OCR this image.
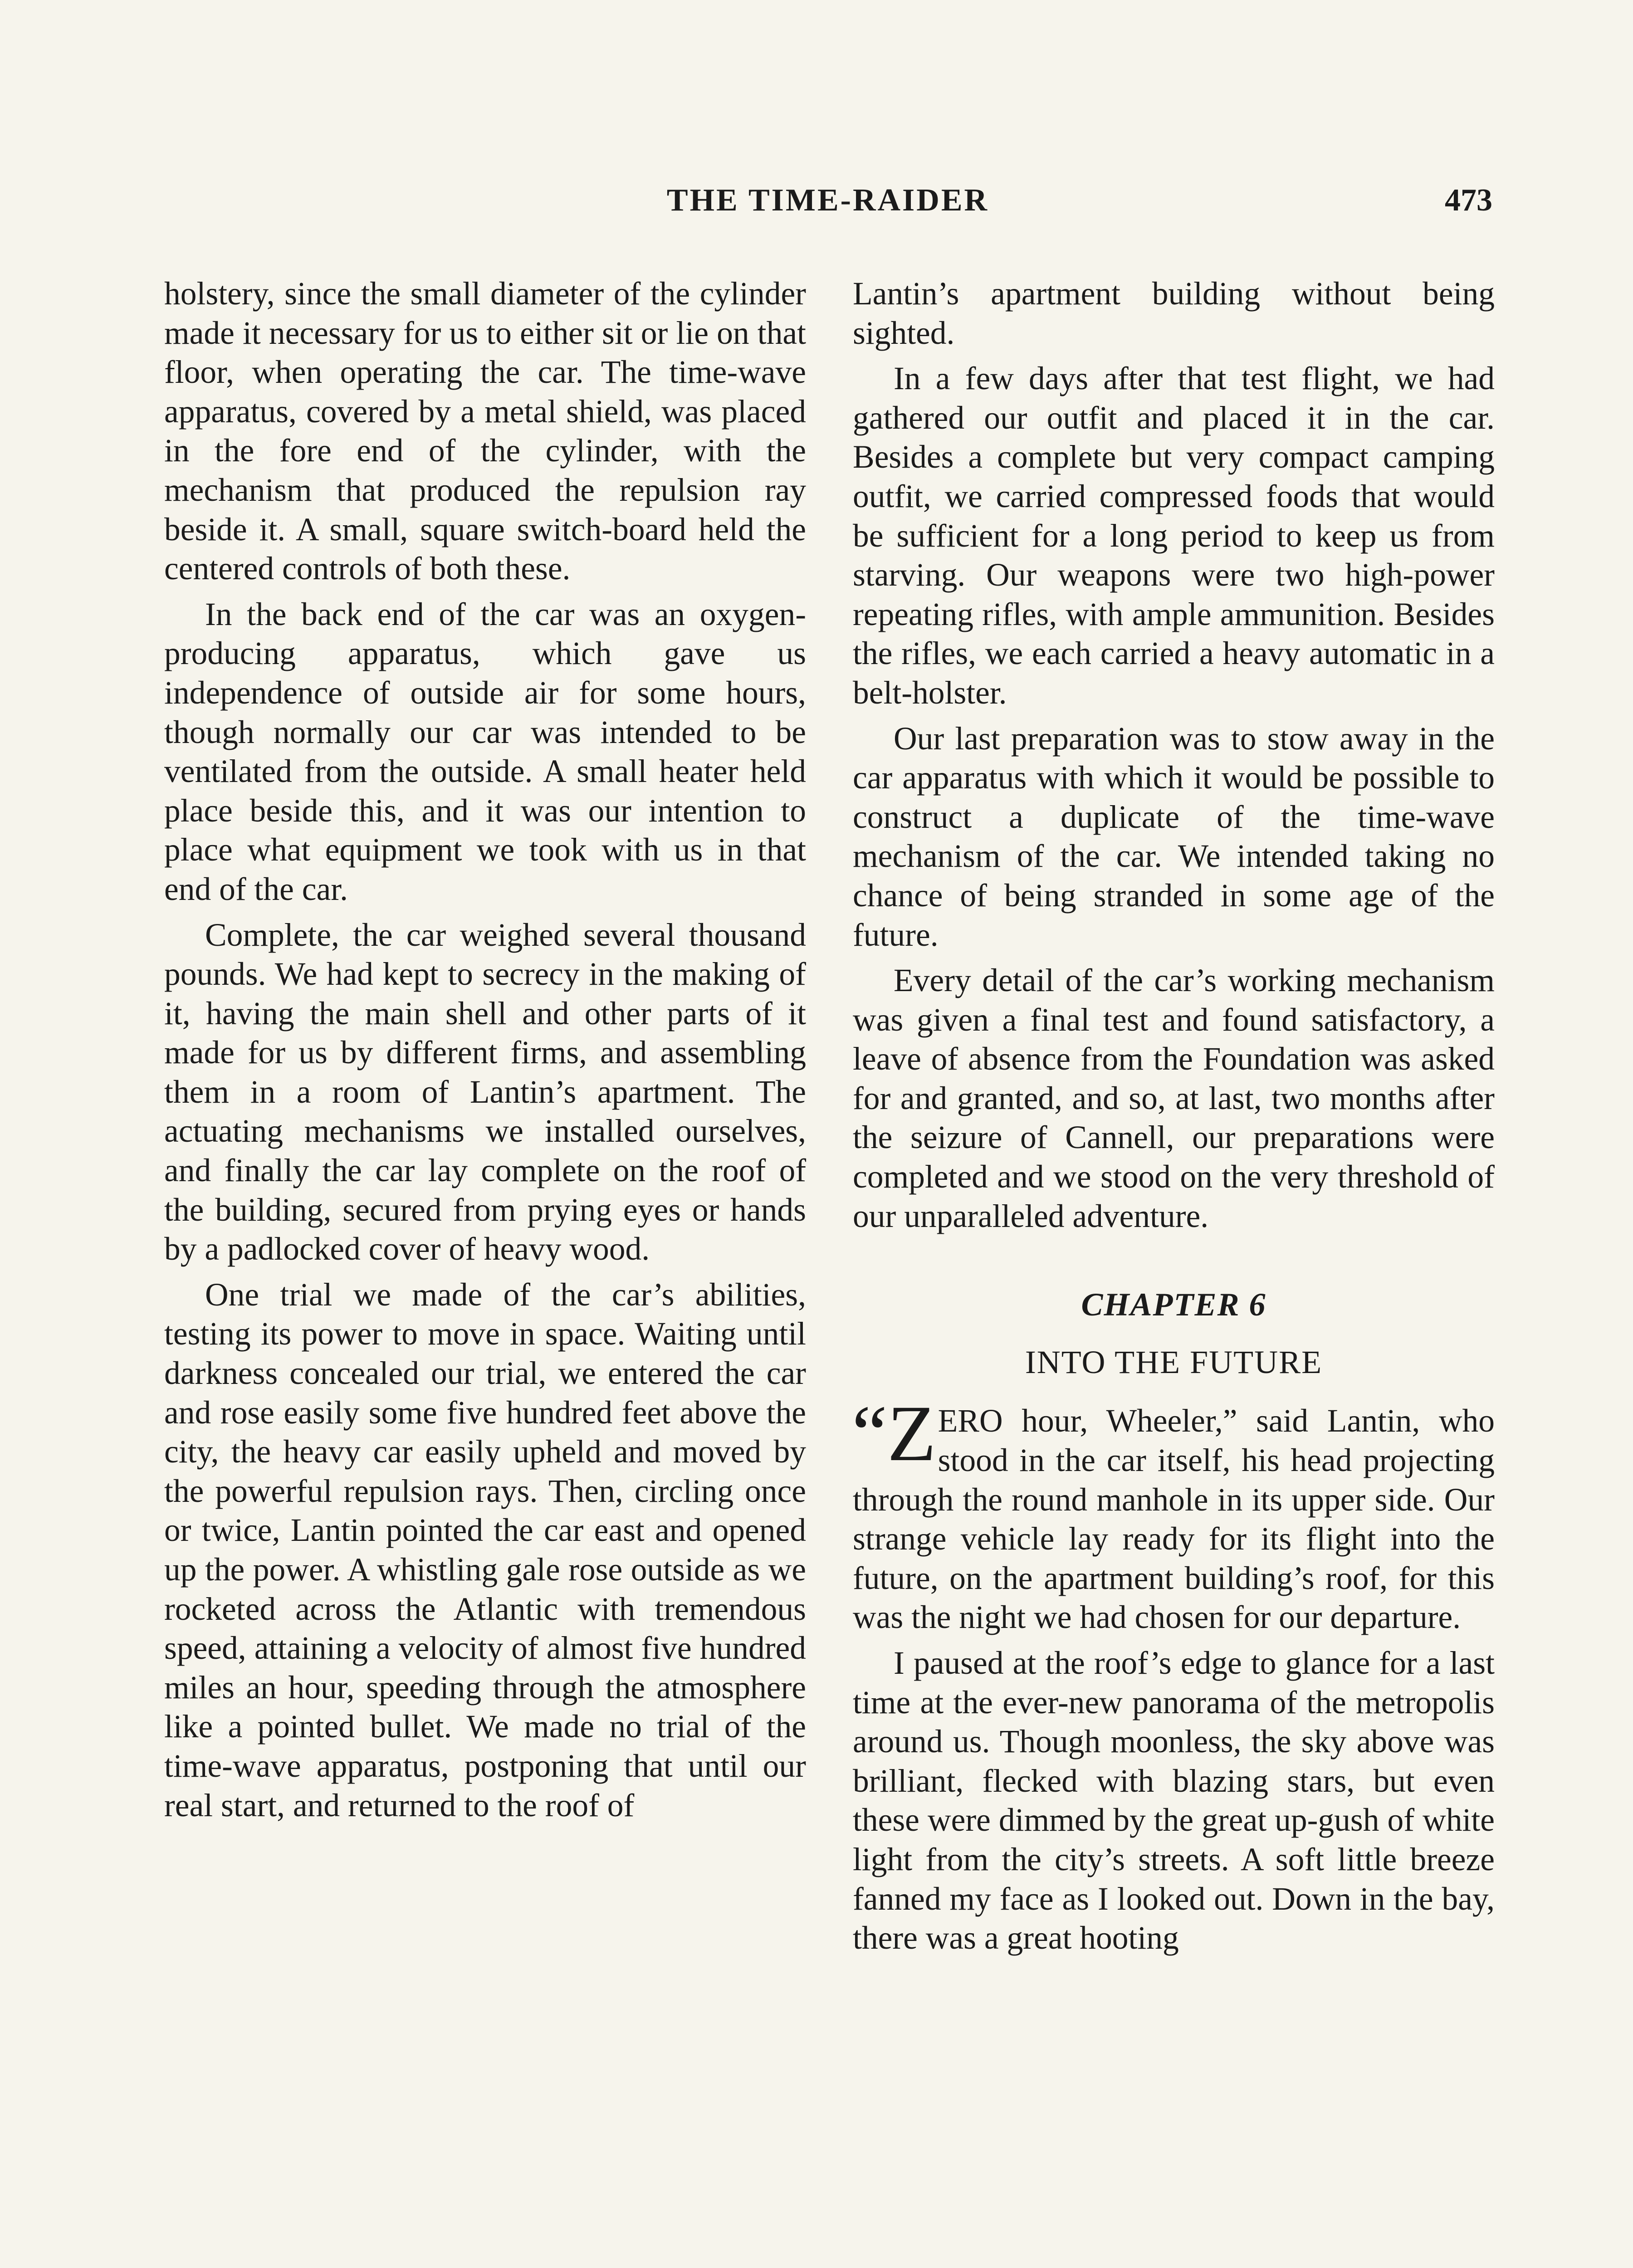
THE TIME-RAIDER	473

holstery, since the small diameter of the cylinder made it necessary for us to either sit or lie on that floor, when operating the car. The time-wave apparatus, covered by a metal shield, was placed in the fore end of the cylinder, with the mechanism that produced the repulsion ray beside it. A small, square switch-board held the centered controls of both these.

In the back end of the car was an oxygen-producing apparatus, which gave us independence of outside air for some hours, though normally our car was intended to be ventilated from the outside. A small heater held place beside this, and it was our intention to place what equipment we took with us in that end of the car.

Complete, the car weighed several thousand pounds. We had kept to secrecy in the making of it, having the main shell and other parts of it made for us by different firms, and assembling them in a room of Lantin’s apartment. The actuating mechanisms we installed ourselves, and finally the car lay complete on the roof of the building, secured from prying eyes or hands by a padlocked cover of heavy wood.

One trial we made of the car’s abilities, testing its power to move in space. Waiting until darkness concealed our trial, we entered the car and rose easily some five hundred feet above the city, the heavy car easily upheld and moved by the powerful repulsion rays. Then, circling once or twice, Lantin pointed the car east and opened up the power. A whistling gale rose outside as we rocketed across the Atlantic with tremendous speed, attaining a velocity of almost five hundred miles an hour, speeding through the atmosphere like a pointed bullet. We made no trial of the time-wave apparatus, postponing that until our real start, and returned to the roof of

Lantin’s apartment building without being sighted.

In a few days after that test flight, we had gathered our outfit and placed it in the car. Besides a complete but very compact camping outfit, we carried compressed foods that would be sufficient for a long period to keep us from starving. Our weapons were two high-power repeating rifles, with ample ammunition. Besides the rifles, we each carried a heavy automatic in a belt-holster.

Our last preparation was to stow away in the car apparatus with which it would be possible to construct a duplicate of the time-wave mechanism of the car. We intended taking no chance of being stranded in some age of the future.

Every detail of the car’s working mechanism was given a final test and found satisfactory, a leave of absence from the Foundation was asked for and granted, and so, at last, two months after the seizure of Cannell, our preparations were completed and we stood on the very threshold of our unparalleled adventure.

CHAPTER 6
INTO THE FUTURE

“ZERO hour, Wheeler,” said Lantin, who stood in the car itself, his head projecting through the round manhole in its upper side. Our strange vehicle lay ready for its flight into the future, on the apartment building’s roof, for this was the night we had chosen for our departure.

I paused at the roof’s edge to glance for a last time at the ever-new panorama of the metropolis around us. Though moonless, the sky above was brilliant, flecked with blazing stars, but even these were dimmed by the great up-gush of white light from the city’s streets. A soft little breeze fanned my face as I looked out. Down in the bay, there was a great hooting
